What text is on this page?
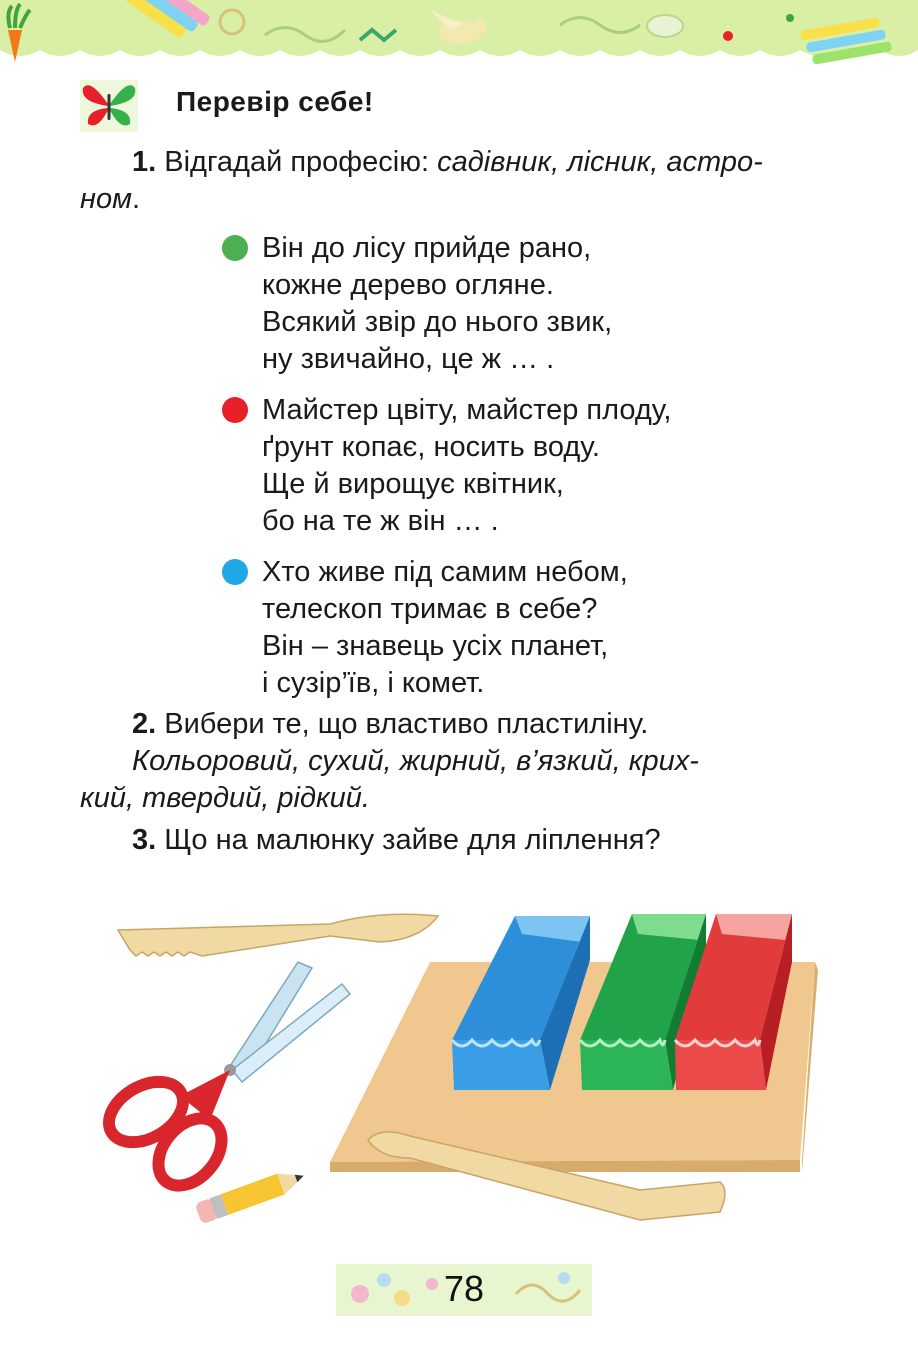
Перевір себе!
1. Відгадай професію: садівник, лісник, астро-
ном.
Він до лісу прийде рано,
кожне дерево огляне.
Всякий звір до нього звик,
ну звичайно, це ж … .
Майстер цвіту, майстер плоду,
ґрунт копає, носить воду.
Ще й вирощує квітник,
бо на те ж він … .
Хто живе під самим небом,
телескоп тримає в себе?
Він – знавець усіх планет,
і сузір’їв, і комет.
2. Вибери те, що властиво пластиліну.
Кольоровий, сухий, жирний, в’язкий, крих-
кий, твердий, рідкий.
3. Що на малюнку зайве для ліплення?
78
